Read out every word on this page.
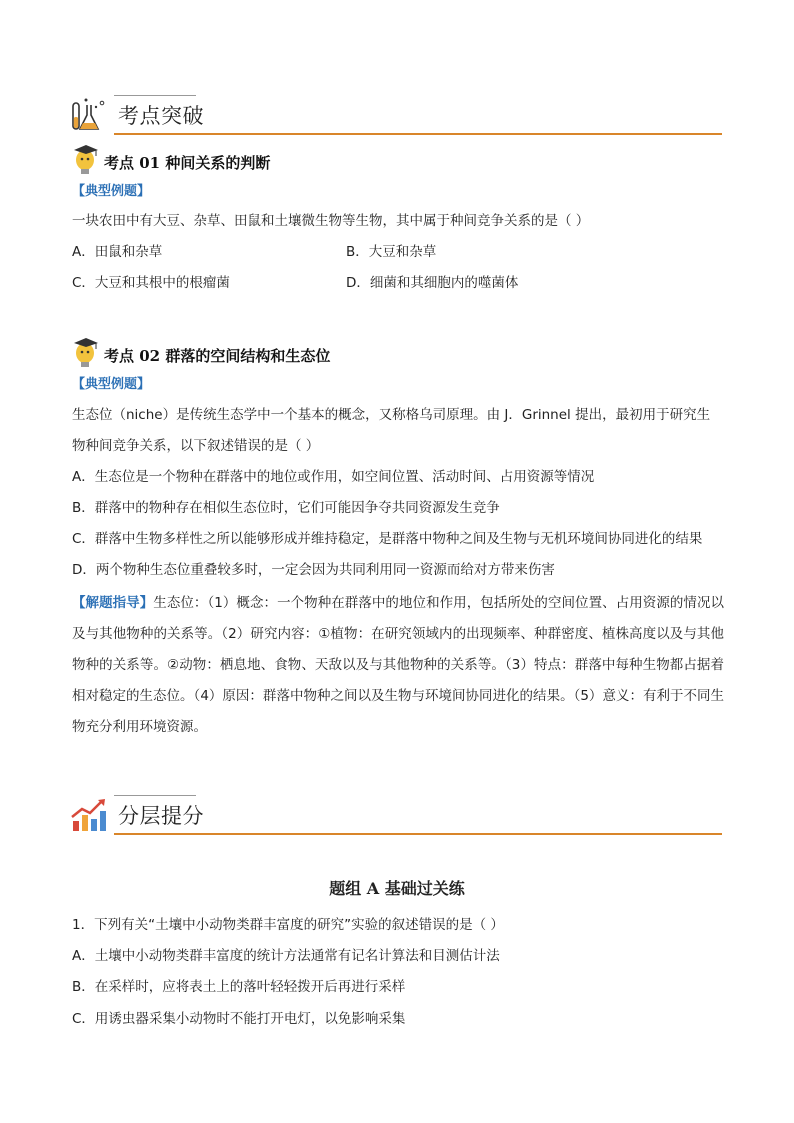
考点突破
考点 01 种间关系的判断
【典型例题】
一块农田中有大豆、杂草、田鼠和土壤微生物等生物，其中属于种间竞争关系的是（ ）
A．田鼠和杂草	B．大豆和杂草
C．大豆和其根中的根瘤菌	D．细菌和其细胞内的噬菌体
考点 02 群落的空间结构和生态位
【典型例题】
生态位（niche）是传统生态学中一个基本的概念，又称格乌司原理。由 J．Grinnel 提出，最初用于研究生
物种间竞争关系，以下叙述错误的是（ ）
A．生态位是一个物种在群落中的地位或作用，如空间位置、活动时间、占用资源等情况
B．群落中的物种存在相似生态位时，它们可能因争夺共同资源发生竞争
C．群落中生物多样性之所以能够形成并维持稳定，是群落中物种之间及生物与无机环境间协同进化的结果
D．两个物种生态位重叠较多时，一定会因为共同利用同一资源而给对方带来伤害
【解题指导】生态位：（1）概念：一个物种在群落中的地位和作用，包括所处的空间位置、占用资源的情况以及与其他物种的关系等。（2）研究内容：①植物：在研究领域内的出现频率、种群密度、植株高度以及与其他物种的关系等。②动物：栖息地、食物、天敌以及与其他物种的关系等。（3）特点：群落中每种生物都占据着相对稳定的生态位。（4）原因：群落中物种之间以及生物与环境间协同进化的结果。（5）意义：有利于不同生物充分利用环境资源。
分层提分
题组 A 基础过关练
1．下列有关“土壤中小动物类群丰富度的研究”实验的叙述错误的是（ ）
A．土壤中小动物类群丰富度的统计方法通常有记名计算法和目测估计法
B．在采样时，应将表土上的落叶轻轻拨开后再进行采样
C．用诱虫器采集小动物时不能打开电灯，以免影响采集
